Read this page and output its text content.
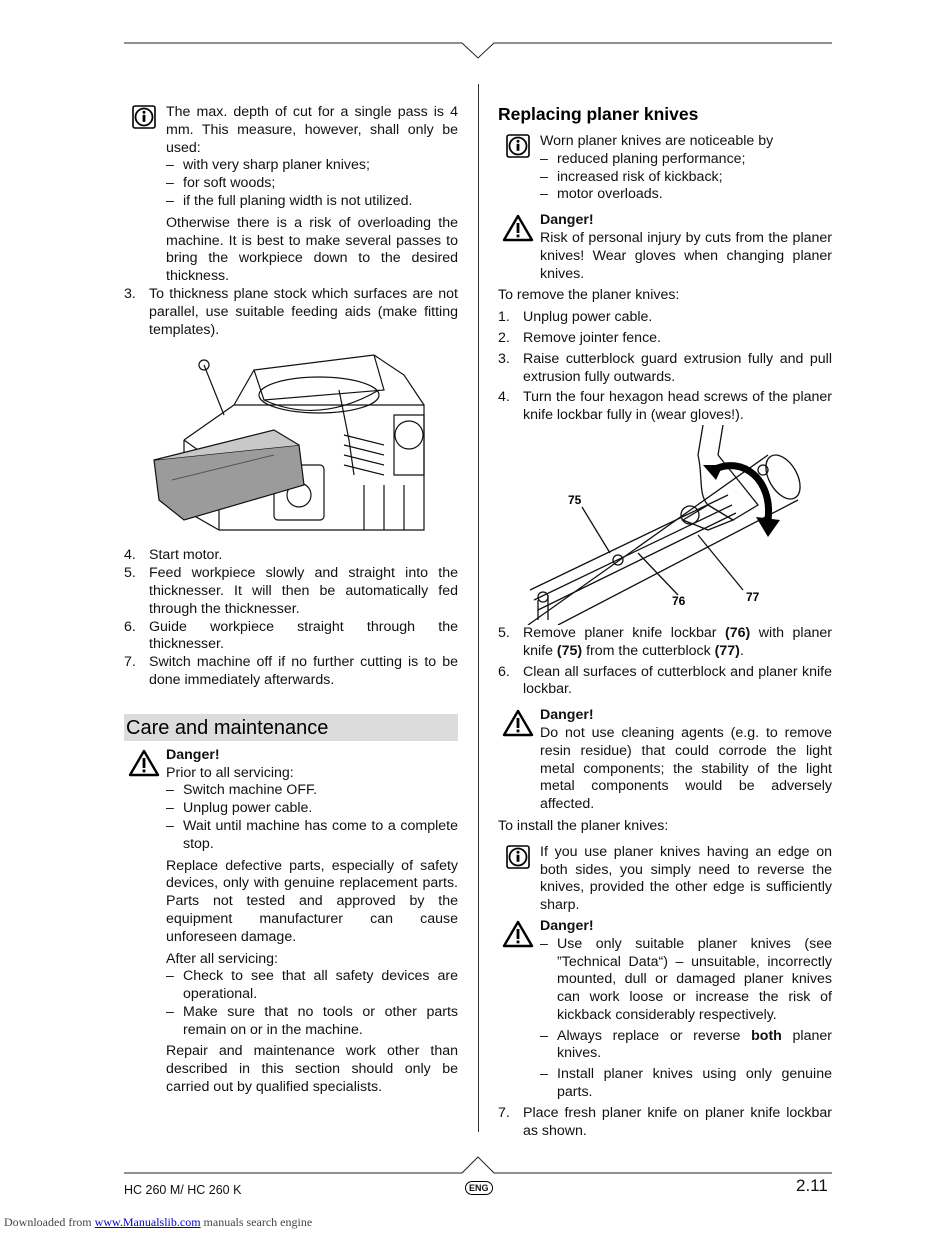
The max. depth of cut for a single pass is 4 mm. This measure, however, shall only be used:

– with very sharp planer knives;

– for soft woods;

– if the full planing width is not utilized.

Otherwise there is a risk of overloading the machine. It is best to make several passes to bring the workpiece down to the desired thickness.

3. To thickness plane stock which surfaces are not parallel, use suitable feeding aids (make fitting templates).
4. Start motor.
5. Feed workpiece slowly and straight into the thicknesser. It will then be automatically fed through the thicknesser.
6. Guide workpiece straight through the thicknesser.
7. Switch machine off if no further cutting is to be done immediately afterwards.
Care and maintenance

Danger!

Prior to all servicing:

– Switch machine OFF.

– Unplug power cable.

– Wait until machine has come to a complete stop.

Replace defective parts, especially of safety devices, only with genuine replacement parts. Parts not tested and approved by the equipment manufacturer can cause unforeseen damage.

After all servicing:

– Check to see that all safety devices are operational.

– Make sure that no tools or other parts remain on or in the machine.

Repair and maintenance work other than described in this section should only be carried out by qualified specialists.

Replacing planer knives

Worn planer knives are noticeable by

– reduced planing performance;

– increased risk of kickback;

– motor overloads.

Danger!

Risk of personal injury by cuts from the planer knives! Wear gloves when changing planer knives.

To remove the planer knives:

1. Unplug power cable.
2. Remove jointer fence.
3. Raise cutterblock guard extrusion fully and pull extrusion fully outwards.
4. Turn the four hexagon head screws of the planer knife lockbar fully in (wear gloves!).
75
76	77
5. Remove planer knife lockbar (76) with planer knife (75) from the cutterblock (77).
6. Clean all surfaces of cutterblock and planer knife lockbar.

Danger!

Do not use cleaning agents (e.g. to remove resin residue) that could corrode the light metal components; the stability of the light metal components would be adversely affected.

To install the planer knives:

If you use planer knives having an edge on both sides, you simply need to reverse the knives, provided the other edge is sufficiently sharp.

Danger!

– Use only suitable planer knives (see ”Technical Data“) – unsuitable, incorrectly mounted, dull or damaged planer knives can work loose or increase the risk of kickback considerably respectively.

– Always replace or reverse both planer knives.

– Install planer knives using only genuine parts.

7. Place fresh planer knife on planer knife lockbar as shown.
HC 260 M/ HC 260 K	ENG	2.11
Downloaded from www.Manualslib.com manuals search engine
